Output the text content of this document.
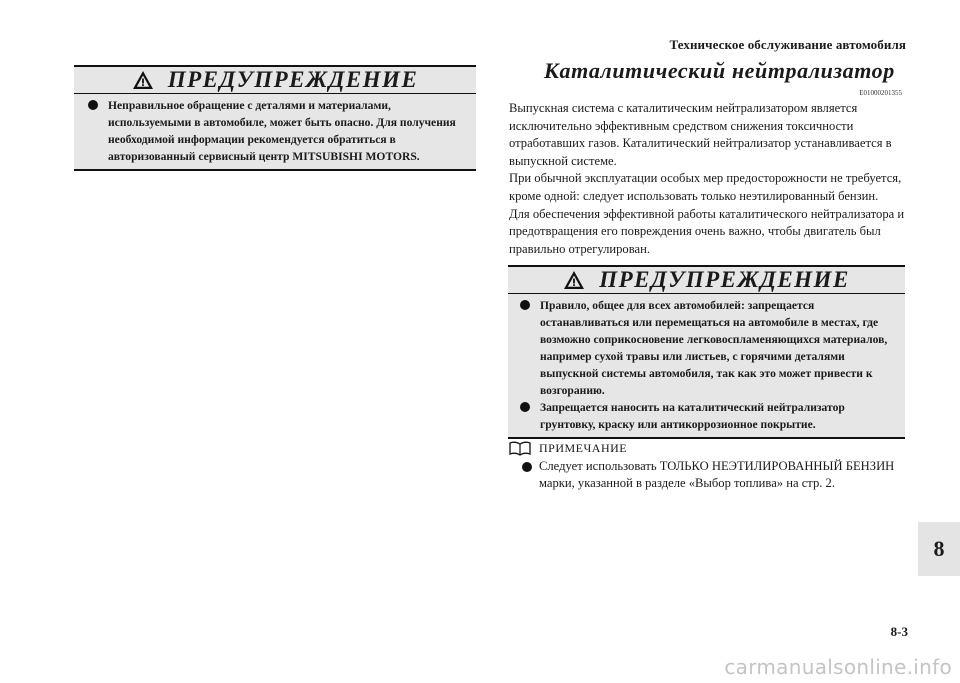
Техническое обслуживание автомобиля
ПРЕДУПРЕЖДЕНИЕ
Неправильное обращение с деталями и материалами, используемыми в автомобиле, может быть опасно. Для получения необходимой информации рекомендуется обратиться в авторизованный сервисный центр MITSUBISHI MOTORS.
Каталитический нейтрализатор
E01000201355

Выпускная система с каталитическим нейтрализатором является исключительно эффективным средством снижения токсичности отработавших газов. Каталитический нейтрализатор устанавливается в выпускной системе.

При обычной эксплуатации особых мер предосторожности не требуется, кроме одной: следует использовать только неэтилированный бензин.

Для обеспечения эффективной работы каталитического нейтрализатора и предотвращения его повреждения очень важно, чтобы двигатель был правильно отрегулирован.

ПРЕДУПРЕЖДЕНИЕ
Правило, общее для всех автомобилей: запрещается останавливаться или перемещаться на автомобиле в местах, где возможно соприкосновение легковоспламеняющихся материалов, например сухой травы или листьев, с горячими деталями выпускной системы автомобиля, так как это может привести к возгоранию.
Запрещается наносить на каталитический нейтрализатор грунтовку, краску или антикоррозионное покрытие.
ПРИМЕЧАНИЕ
Следует использовать ТОЛЬКО НЕЭТИЛИРОВАННЫЙ БЕНЗИН марки, указанной в разделе «Выбор топлива» на стр. 2.
8
8-3
carmanualsonline.info
